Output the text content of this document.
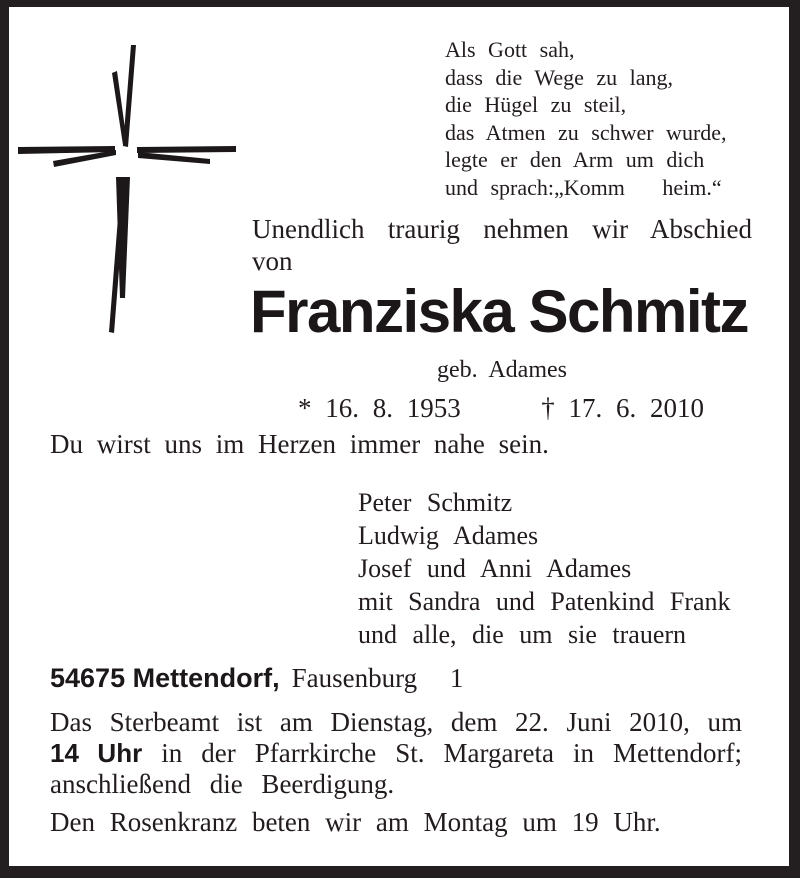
Als Gott sah,
dass die Wege zu lang,
die Hügel zu steil,
das Atmen zu schwer wurde,
legte er den Arm um dich
und sprach:„Komm   heim.“
Unendlich traurig nehmen wir Abschied
von
Franziska Schmitz
geb. Adames
* 16. 8. 1953	† 17. 6. 2010
Du wirst uns im Herzen immer nahe sein.
Peter Schmitz
Ludwig Adames
Josef und Anni Adames
mit Sandra und Patenkind Frank
und alle, die um sie trauern
54675 Mettendorf, Fausenburg 1
Das Sterbeamt ist am Dienstag, dem 22. Juni 2010, um
14 Uhr in der Pfarrkirche St. Margareta in Mettendorf;
anschließend die Beerdigung.
Den Rosenkranz beten wir am Montag um 19 Uhr.
